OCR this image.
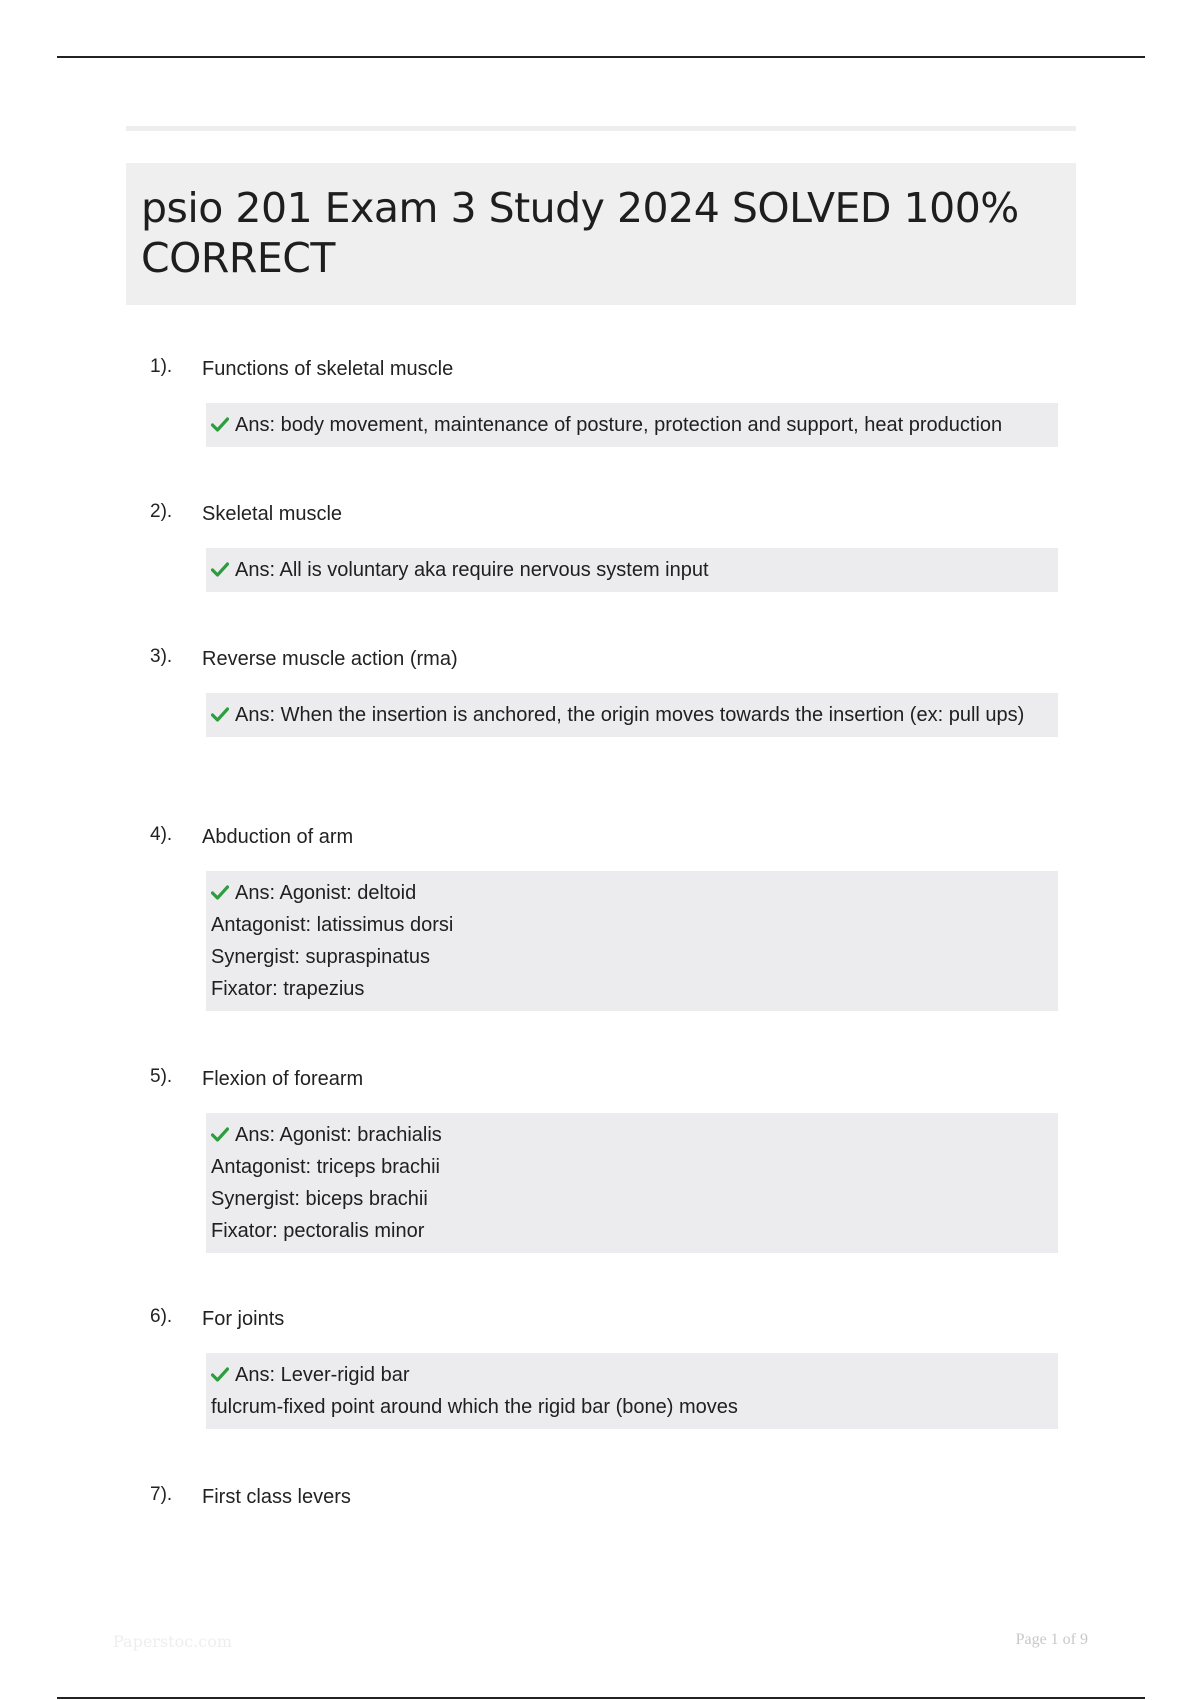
psio 201 Exam 3 Study 2024 SOLVED 100% CORRECT
1). Functions of skeletal muscle
Ans: body movement, maintenance of posture, protection and support, heat production
2). Skeletal muscle
Ans: All is voluntary aka require nervous system input
3). Reverse muscle action (rma)
Ans: When the insertion is anchored, the origin moves towards the insertion (ex: pull ups)
4). Abduction of arm
Ans: Agonist: deltoid
Antagonist: latissimus dorsi
Synergist: supraspinatus
Fixator: trapezius
5). Flexion of forearm
Ans: Agonist: brachialis
Antagonist: triceps brachii
Synergist: biceps brachii
Fixator: pectoralis minor
6). For joints
Ans: Lever-rigid bar
fulcrum-fixed point around which the rigid bar (bone) moves
7). First class levers
Paperstoc.com	Page 1 of 9
